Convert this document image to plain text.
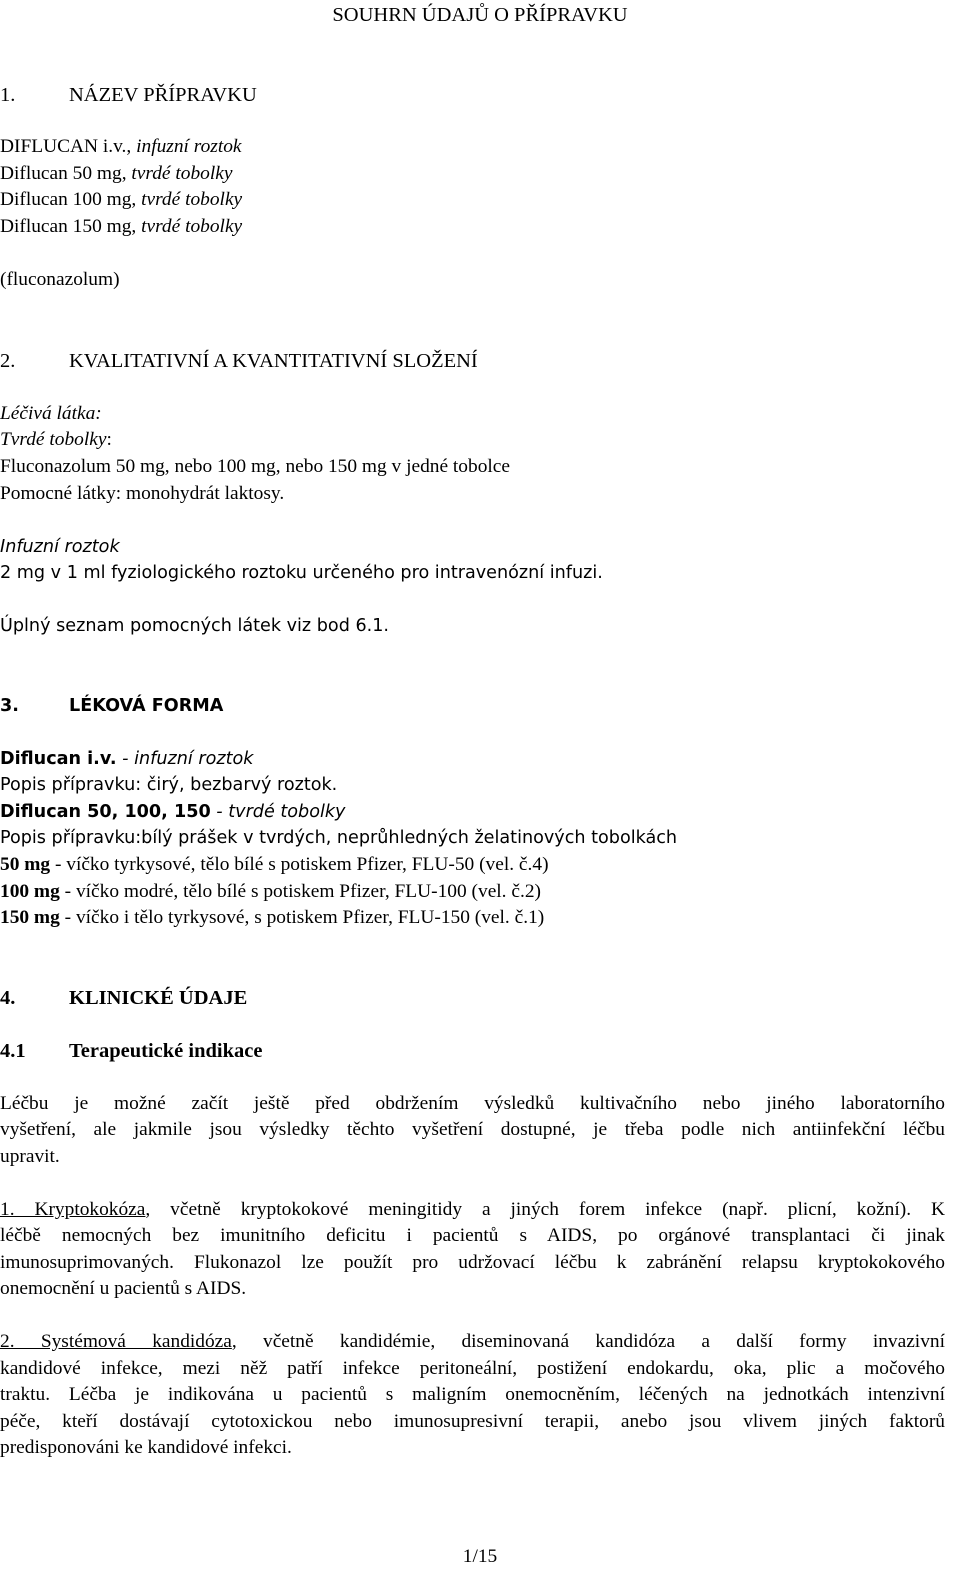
SOUHRN ÚDAJŮ O PŘÍPRAVKU
1.	NÁZEV PŘÍPRAVKU
DIFLUCAN i.v., infuzní roztok
Diflucan 50 mg, tvrdé tobolky
Diflucan 100 mg, tvrdé tobolky
Diflucan 150 mg, tvrdé tobolky
(fluconazolum)
2.	KVALITATIVNÍ A KVANTITATIVNÍ SLOŽENÍ
Léčivá látka:
Tvrdé tobolky:
Fluconazolum 50 mg, nebo 100 mg, nebo 150 mg v jedné tobolce
Pomocné látky: monohydrát laktosy.
Infuzní roztok
2 mg v 1 ml fyziologického roztoku určeného pro intravenózní infuzi.
Úplný seznam pomocných látek viz bod 6.1.
3.	LÉKOVÁ FORMA
Diflucan i.v. - infuzní roztok
Popis přípravku: čirý, bezbarvý roztok.
Diflucan 50, 100, 150 - tvrdé tobolky
Popis přípravku:bílý prášek v tvrdých, neprůhledných želatinových tobolkách
50 mg - víčko tyrkysové, tělo bílé s potiskem Pfizer, FLU-50 (vel. č.4)
100 mg - víčko modré, tělo bílé s potiskem Pfizer, FLU-100 (vel. č.2)
150 mg - víčko i tělo tyrkysové, s potiskem Pfizer, FLU-150 (vel. č.1)
4.	KLINICKÉ ÚDAJE
4.1 Terapeutické indikace
Léčbu je možné začít ještě před obdržením výsledků kultivačního nebo jiného laboratorního
vyšetření, ale jakmile jsou výsledky těchto vyšetření dostupné, je třeba podle nich antiinfekční léčbu
upravit.
1. Kryptokokóza, včetně kryptokokové meningitidy a jiných forem infekce (např. plicní, kožní). K
léčbě nemocných bez imunitního deficitu i pacientů s AIDS, po orgánové transplantaci či jinak
imunosuprimovaných. Flukonazol lze použít pro udržovací léčbu k zabránění relapsu kryptokokového
onemocnění u pacientů s AIDS.
2. Systémová kandidóza, včetně kandidémie, diseminovaná kandidóza a další formy invazivní
kandidové infekce, mezi něž patří infekce peritoneální, postižení endokardu, oka, plic a močového
traktu. Léčba je indikována u pacientů s maligním onemocněním, léčených na jednotkách intenzivní
péče, kteří dostávají cytotoxickou nebo imunosupresivní terapii, anebo jsou vlivem jiných faktorů
predisponováni ke kandidové infekci.
1/15
